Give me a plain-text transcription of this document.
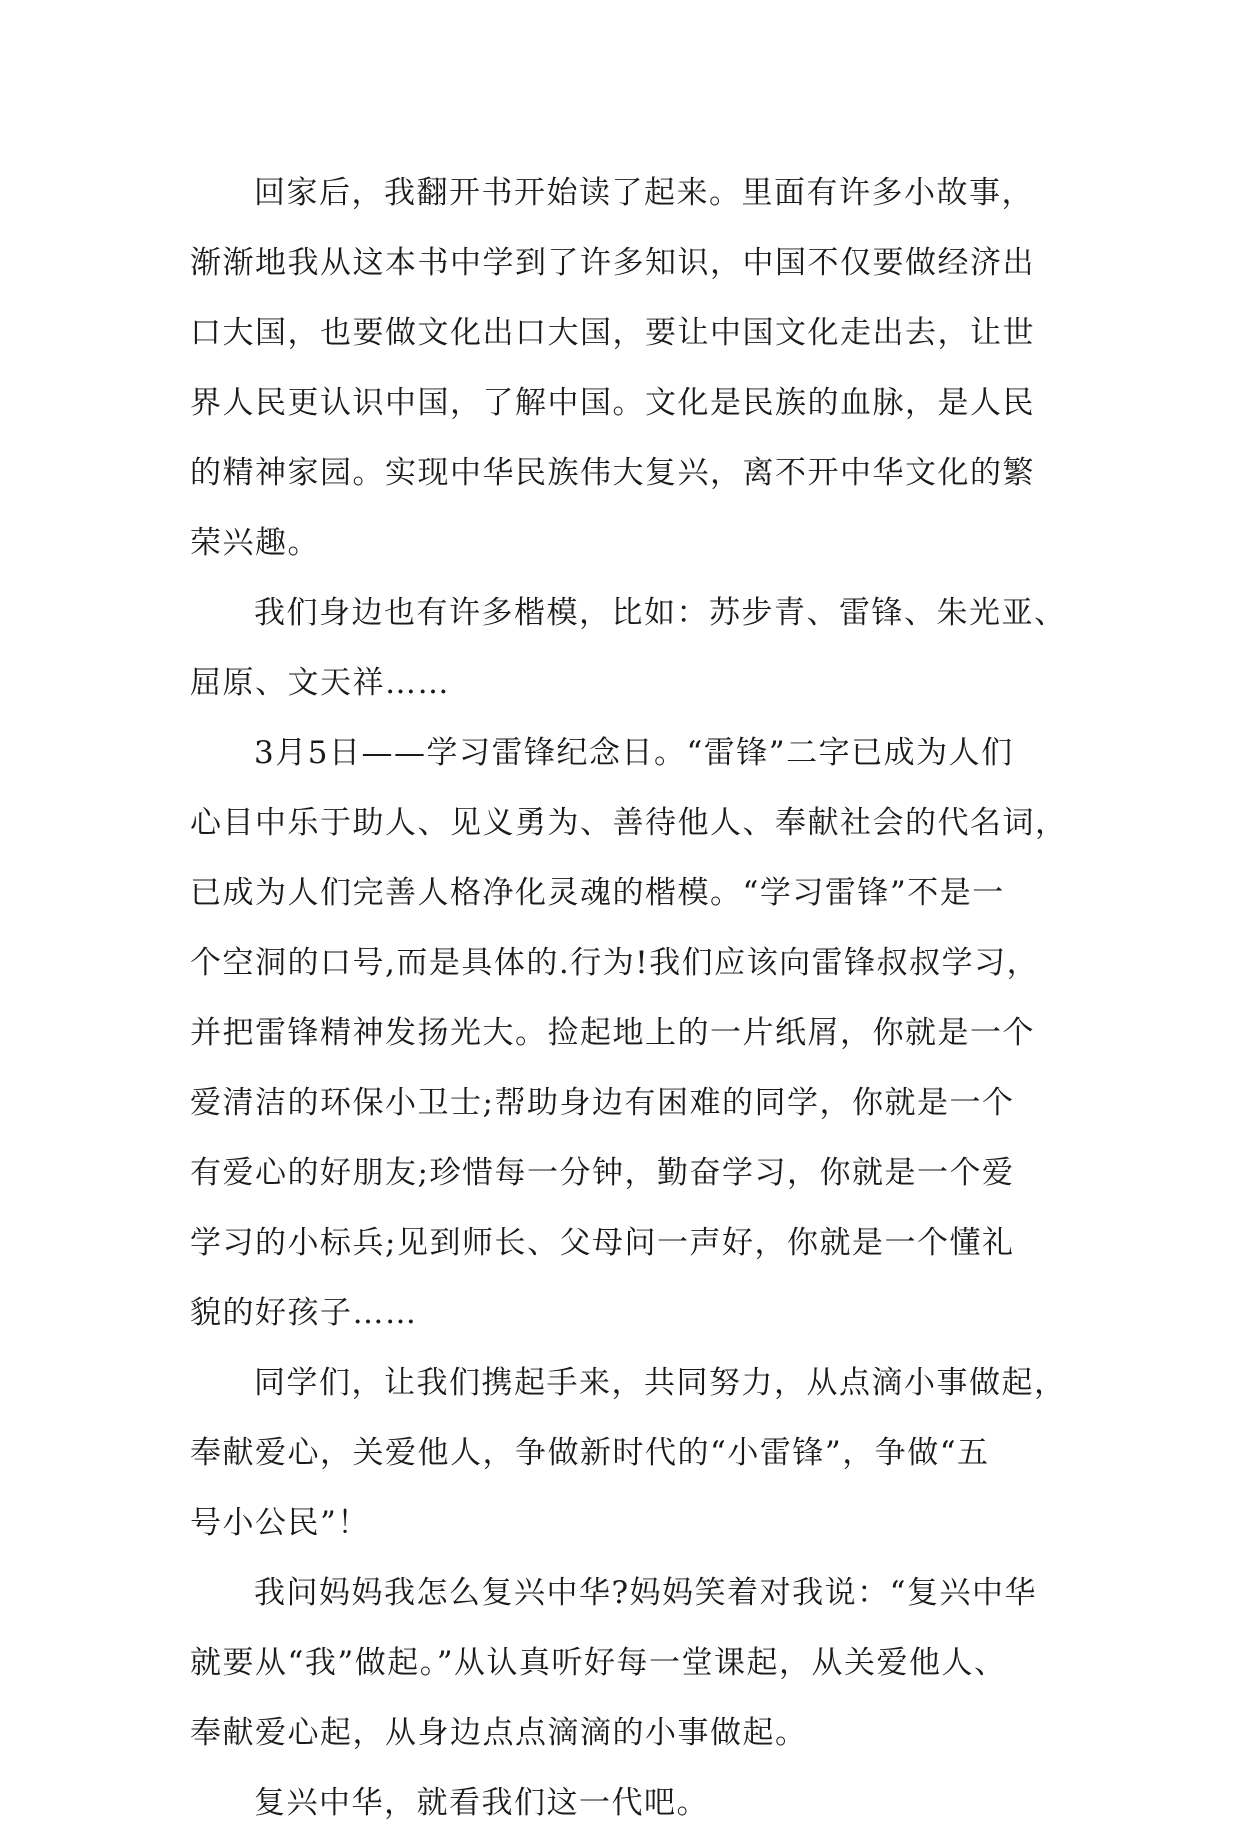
回家后，我翻开书开始读了起来。里面有许多小故事，
渐渐地我从这本书中学到了许多知识，中国不仅要做经济出
口大国，也要做文化出口大国，要让中国文化走出去，让世
界人民更认识中国，了解中国。文化是民族的血脉，是人民
的精神家园。实现中华民族伟大复兴，离不开中华文化的繁
荣兴趣。
我们身边也有许多楷模，比如：苏步青、雷锋、朱光亚、
屈原、文天祥……
3月5日——学习雷锋纪念日。“雷锋”二字已成为人们
心目中乐于助人、见义勇为、善待他人、奉献社会的代名词，
已成为人们完善人格净化灵魂的楷模。“学习雷锋”不是一
个空洞的口号,而是具体的.行为!我们应该向雷锋叔叔学习，
并把雷锋精神发扬光大。捡起地上的一片纸屑，你就是一个
爱清洁的环保小卫士;帮助身边有困难的同学，你就是一个
有爱心的好朋友;珍惜每一分钟，勤奋学习，你就是一个爱
学习的小标兵;见到师长、父母问一声好，你就是一个懂礼
貌的好孩子……
同学们，让我们携起手来，共同努力，从点滴小事做起，
奉献爱心，关爱他人，争做新时代的“小雷锋”，争做“五
号小公民”！
我问妈妈我怎么复兴中华?妈妈笑着对我说：“复兴中华
就要从“我”做起。”从认真听好每一堂课起，从关爱他人、
奉献爱心起，从身边点点滴滴的小事做起。
复兴中华，就看我们这一代吧。
